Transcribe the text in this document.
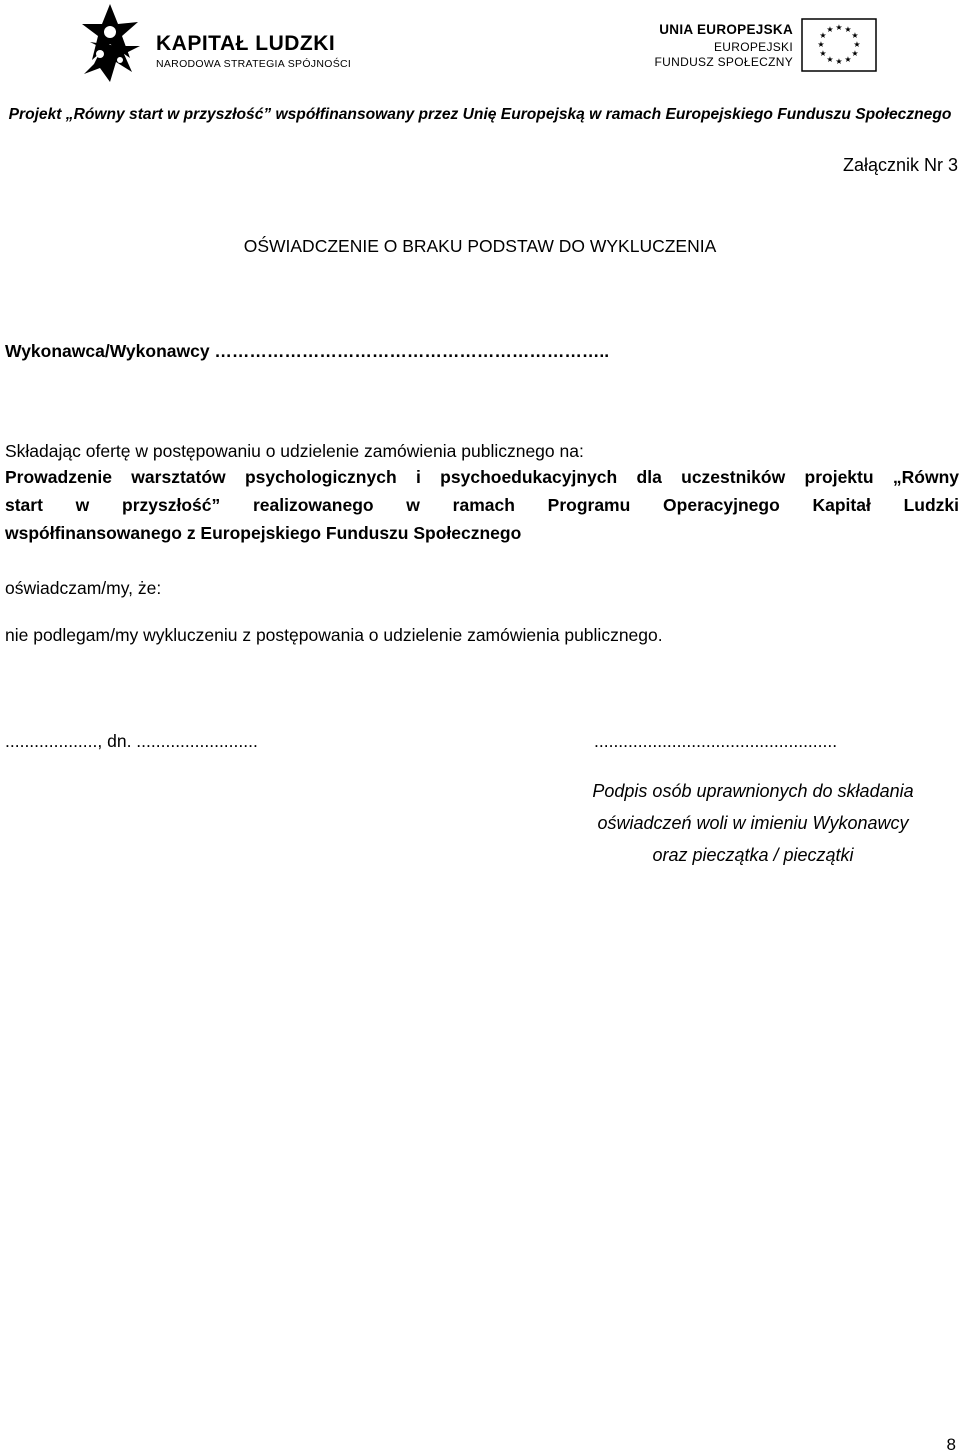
KAPITAŁ LUDZKI
NARODOWA STRATEGIA SPÓJNOŚCI
UNIA EUROPEJSKA
EUROPEJSKI
FUNDUSZ SPOŁECZNY
★ ★
★
★
★
★
★
★
★
★
★
★
Projekt „Równy start w przyszłość” współfinansowany przez Unię Europejską w ramach Europejskiego Funduszu Społecznego
Załącznik Nr 3
OŚWIADCZENIE O BRAKU PODSTAW DO WYKLUCZENIA
Wykonawca/Wykonawcy …………………………………………………………..
Składając ofertę w postępowaniu o udzielenie zamówienia publicznego na:
Prowadzenie warsztatów psychologicznych i psychoedukacyjnych dla uczestników projektu „Równy
start w przyszłość” realizowanego w ramach Programu Operacyjnego Kapitał Ludzki
współfinansowanego z Europejskiego Funduszu Społecznego
oświadczam/my, że:
nie podlegam/my wykluczeniu z postępowania o udzielenie zamówienia publicznego.
..................., dn. .........................	..................................................
Podpis osób uprawnionych do składania
oświadczeń woli w imieniu Wykonawcy
oraz pieczątka / pieczątki
8
